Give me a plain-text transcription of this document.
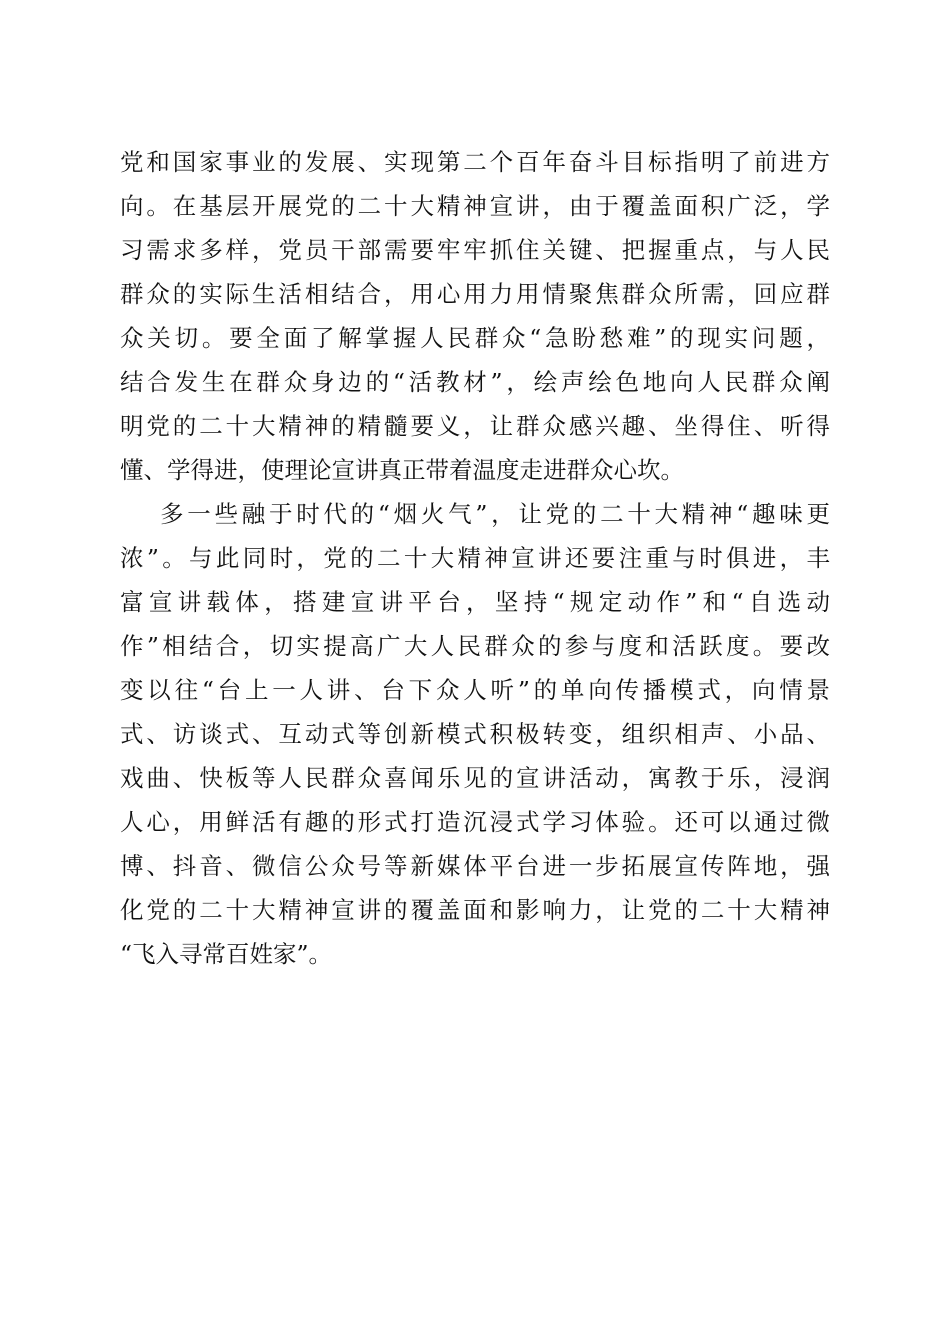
党和国家事业的发展、实现第二个百年奋斗目标指明了前进方
向。在基层开展党的二十大精神宣讲，由于覆盖面积广泛，学
习需求多样，党员干部需要牢牢抓住关键、把握重点，与人民
群众的实际生活相结合，用心用力用情聚焦群众所需，回应群
众关切。要全面了解掌握人民群众“急盼愁难”的现实问题，
结合发生在群众身边的“活教材”，绘声绘色地向人民群众阐
明党的二十大精神的精髓要义，让群众感兴趣、坐得住、听得
懂、学得进，使理论宣讲真正带着温度走进群众心坎。
多一些融于时代的“烟火气”，让党的二十大精神“趣味更
浓”。与此同时，党的二十大精神宣讲还要注重与时俱进，丰
富宣讲载体，搭建宣讲平台，坚持“规定动作”和“自选动
作”相结合，切实提高广大人民群众的参与度和活跃度。要改
变以往“台上一人讲、台下众人听”的单向传播模式，向情景
式、访谈式、互动式等创新模式积极转变，组织相声、小品、
戏曲、快板等人民群众喜闻乐见的宣讲活动，寓教于乐，浸润
人心，用鲜活有趣的形式打造沉浸式学习体验。还可以通过微
博、抖音、微信公众号等新媒体平台进一步拓展宣传阵地，强
化党的二十大精神宣讲的覆盖面和影响力，让党的二十大精神
“飞入寻常百姓家”。
